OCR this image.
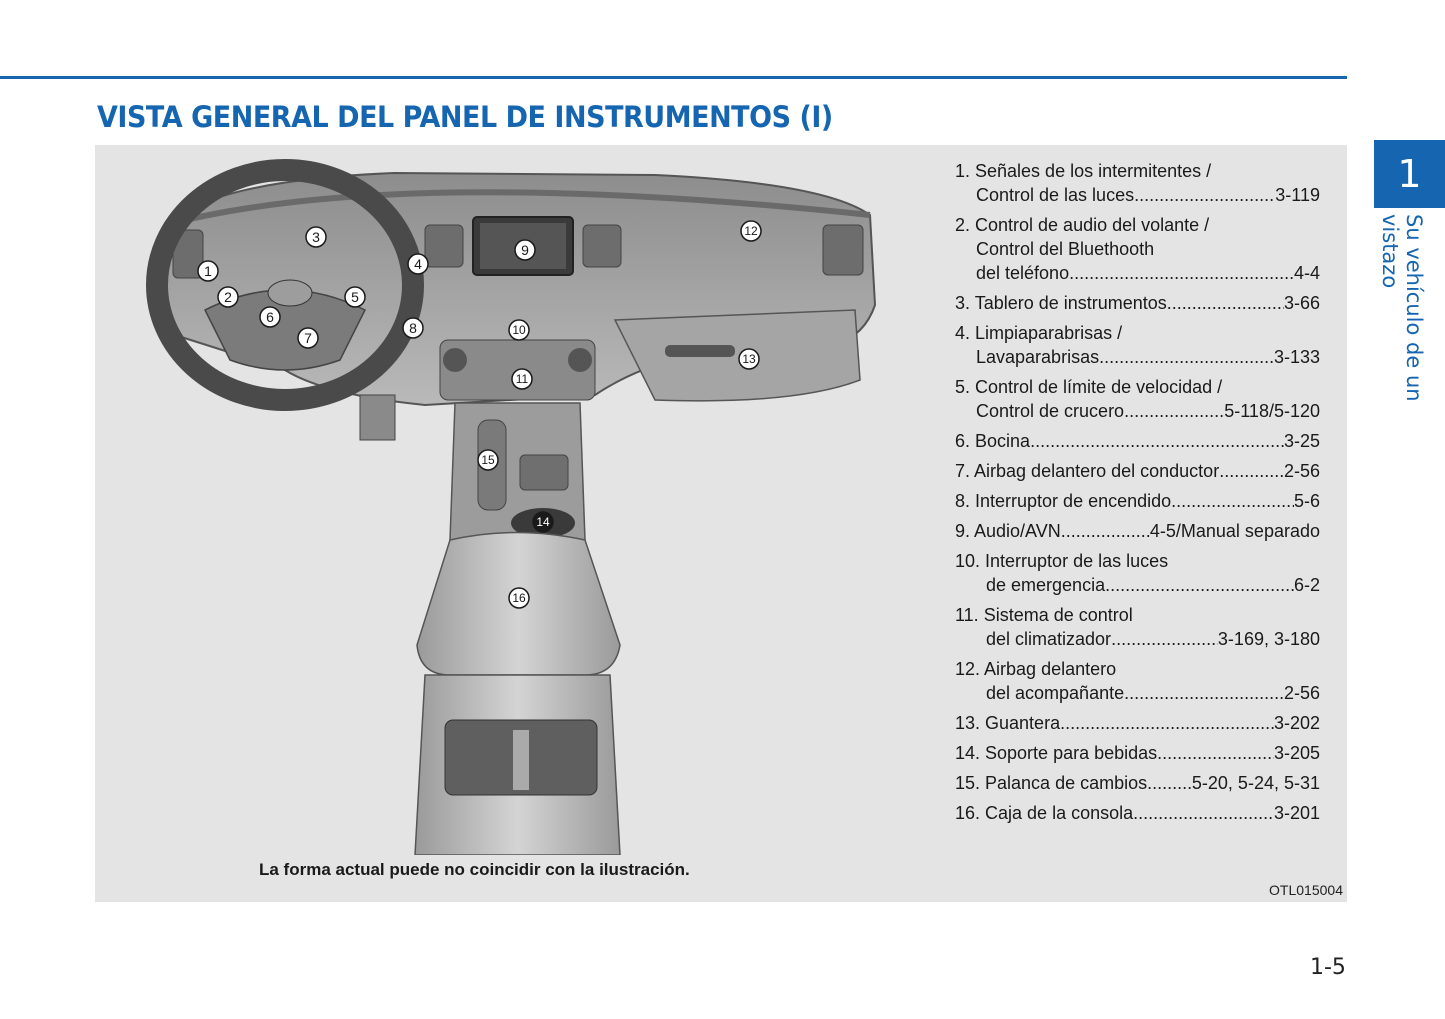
VISTA GENERAL DEL PANEL DE INSTRUMENTOS (I)
1
Su vehículo de un vistazo
1
2
3
4
5
6
7
8
9
10
11
12
13
14
15
16
La forma actual puede no coincidir con la ilustración.
OTL015004
1. Señales de los intermitentes /
Control de las luces .....	3-119
2. Control de audio del volante /
Control del Bluethooth
del teléfono .....	4-4
3. Tablero de instrumentos .....	3-66
4. Limpiaparabrisas /
Lavaparabrisas .....	3-133
5. Control de límite de velocidad /
Control de crucero .....	5-118/5-120
6. Bocina .....	3-25
7. Airbag delantero del conductor .....	2-56
8. Interruptor de encendido .....	5-6
9. Audio/AVN .....	4-5/Manual separado
10. Interruptor de las luces
de emergencia .....	6-2
11. Sistema de control
del climatizador .....	3-169, 3-180
12. Airbag delantero
del acompañante .....	2-56
13. Guantera .....	3-202
14. Soporte para bebidas .....	3-205
15. Palanca de cambios ..... 5-20, 5-24, 5-31
16. Caja de la consola .....	3-201
1-5
